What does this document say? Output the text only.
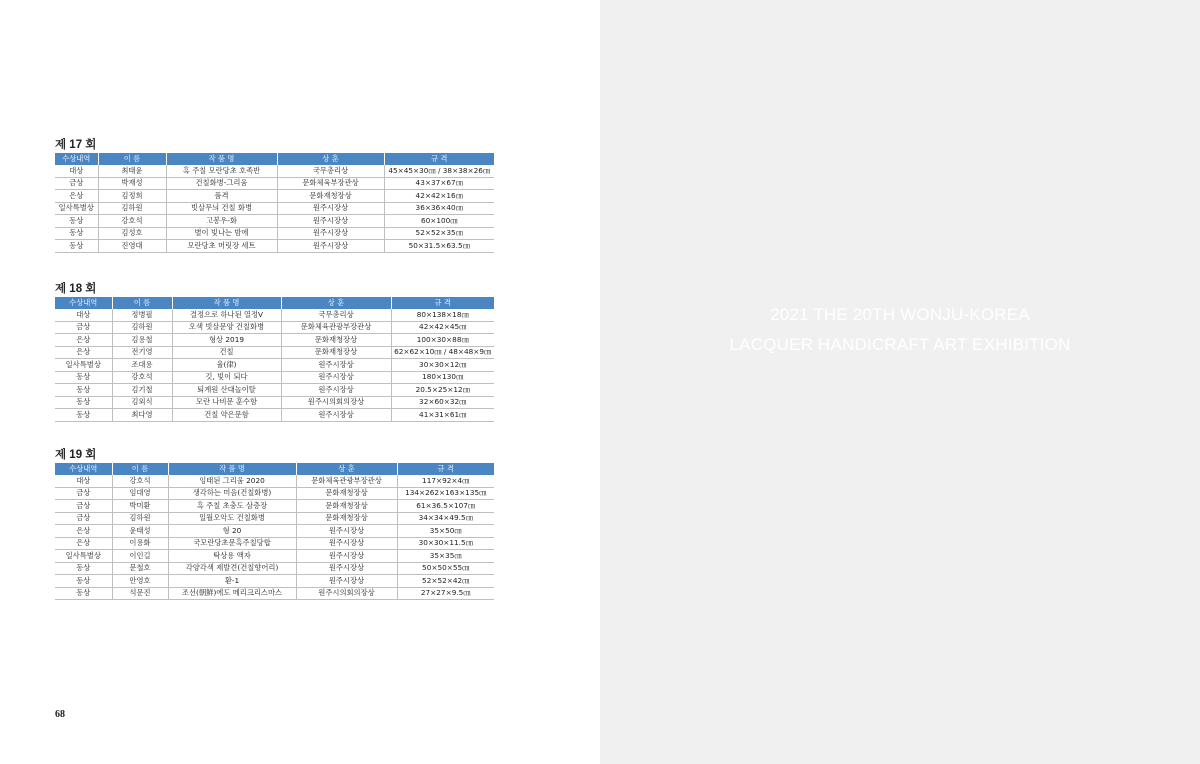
제 17 회
수상내역	이 름	작 품 명	상 훈	규 격
대상	최태윤	흑 주칠 모란당초 호족반	국무총리상	45×45×30㎝ / 38×38×26㎝
금상	박재성	건칠화병-그리움	문화체육부장관상	43×37×67㎝
은상	김정희	품격	문화재청장상	42×42×16㎝
일사특별상	김하원	빗살무늬 건칠 화병	원주시장상	36×36×40㎝
동상	강호석	고봉우-화	원주시장상	60×100㎝
동상	김성호	별이 빛나는 밤에	원주시장상	52×52×35㎝
동상	진영대	모란당초 머릿장 세트	원주시장상	50×31.5×63.5㎝
제 18 회
수상내역	이 름	작 품 명	상 훈	규 격
대상	정병필	결정으로 하나된 열정V	국무총리상	80×138×18㎝
금상	김하원	오색 빗살문양 건칠화병	문화체육관광부장관상	42×42×45㎝
은상	김용철	형상 2019	문화재청장상	100×30×88㎝
은상	전기영	건칠	문화재청장상	62×62×10㎝ / 48×48×9㎝
일사특별상	조대용	율(律)	원주시장상	30×30×12㎝
동상	강호석	깃, 빛이 되다	원주시장상	180×130㎝
동상	김기철	퇴계원 산대놀이탈	원주시장상	20.5×25×12㎝
동상	김외식	모란 나비문 훈수함	원주시의회의장상	32×60×32㎝
동상	최다영	건칠 약은문함	원주시장상	41×31×61㎝
제 19 회
수상내역	이 름	작 품 명	상 훈	규 격
대상	강호석	잉태된 그리움 2020	문화체육관광부장관상	117×92×4㎝
금상	임대영	생각하는 미음(건칠화병)	문화재청장상	134×262×163×135㎝
금상	박미환	흑 주칠 초충도 삼층장	문화재청장상	61×36.5×107㎝
금상	김하원	일월오악도 건칠화병	문화재청장상	34×34×49.5㎝
은상	윤태성	형 20	원주시장상	35×50㎝
은상	이용화	국모란당초문흑주칠당합	원주시장상	30×30×11.5㎝
일사특별상	이인길	탁상용 액자	원주시장상	35×35㎝
동상	문철호	각양각색 제발견(건칠향어리)	원주시장상	50×50×55㎝
동상	안영호	환-1	원주시장상	52×52×42㎝
동상	석문진	조선(朝鮮)에도 메리크리스마스	원주시의회의장상	27×27×9.5㎝
68
2021 THE 20TH WONJU-KOREA
LACQUER HANDICRAFT ART EXHIBITION
